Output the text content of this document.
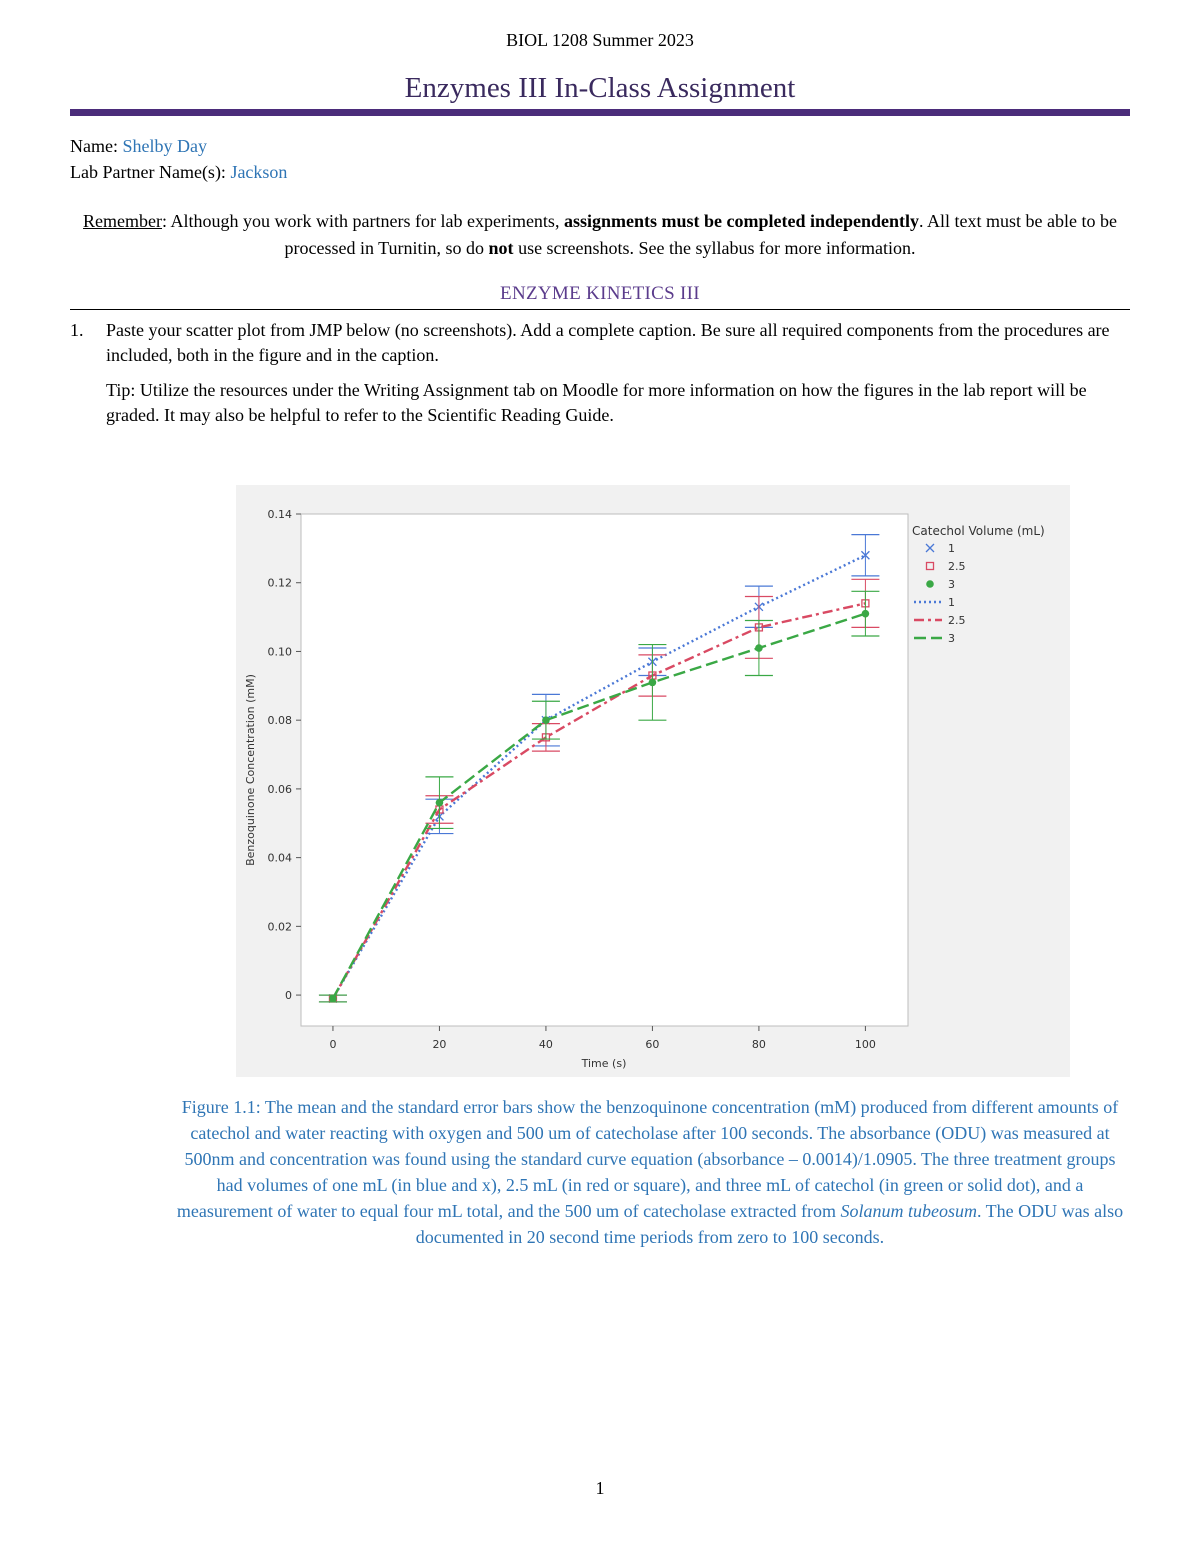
BIOL 1208 Summer 2023
Enzymes III In-Class Assignment
Name: Shelby Day
Lab Partner Name(s): Jackson
Remember: Although you work with partners for lab experiments, assignments must be completed independently. All text must be able to be processed in Turnitin, so do not use screenshots. See the syllabus for more information.
ENZYME KINETICS III
1. Paste your scatter plot from JMP below (no screenshots). Add a complete caption. Be sure all required components from the procedures are included, both in the figure and in the caption.
Tip: Utilize the resources under the Writing Assignment tab on Moodle for more information on how the figures in the lab report will be graded. It may also be helpful to refer to the Scientific Reading Guide.
0
0.02
0.04
0.06
0.08
0.10
0.12
0.14
0	20	40	60	80	100
Time (s)
Benzoquinone Concentration (mM)
Catechol Volume (mL)
1
2.5
3
1
2.5
3
Figure 1.1: The mean and the standard error bars show the benzoquinone concentration (mM) produced from different amounts of catechol and water reacting with oxygen and 500 um of catecholase after 100 seconds. The absorbance (ODU) was measured at 500nm and concentration was found using the standard curve equation (absorbance – 0.0014)/1.0905. The three treatment groups had volumes of one mL (in blue and x), 2.5 mL (in red or square), and three mL of catechol (in green or solid dot), and a measurement of water to equal four mL total, and the 500 um of catecholase extracted from Solanum tubeosum. The ODU was also documented in 20 second time periods from zero to 100 seconds.
1
